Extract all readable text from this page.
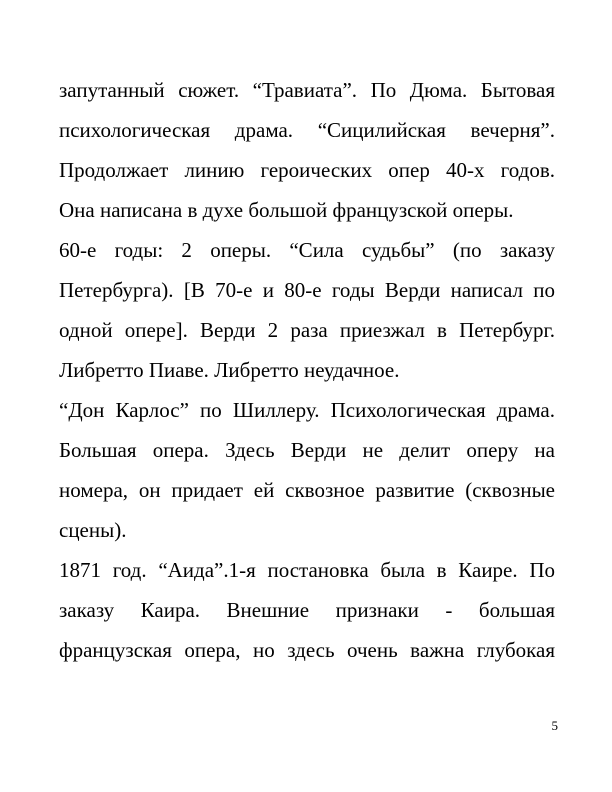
запутанный сюжет. “Травиата”. По Дюма. Бытовая
психологическая драма. “Сицилийская вечерня”.
Продолжает линию героических опер 40-х годов.
Она написана в духе большой французской оперы.
60-е годы: 2 оперы. “Сила судьбы” (по заказу
Петербурга). [В 70-е и 80-е годы Верди написал по
одной опере]. Верди 2 раза приезжал в Петербург.
Либретто Пиаве. Либретто неудачное.
“Дон Карлос” по Шиллеру. Психологическая драма.
Большая опера. Здесь Верди не делит оперу на
номера, он придает ей сквозное развитие (сквозные
сцены).
1871 год. “Аида”.1-я постановка была в Каире. По
заказу Каира. Внешние признаки - большая
французская опера, но здесь очень важна глубокая
5
